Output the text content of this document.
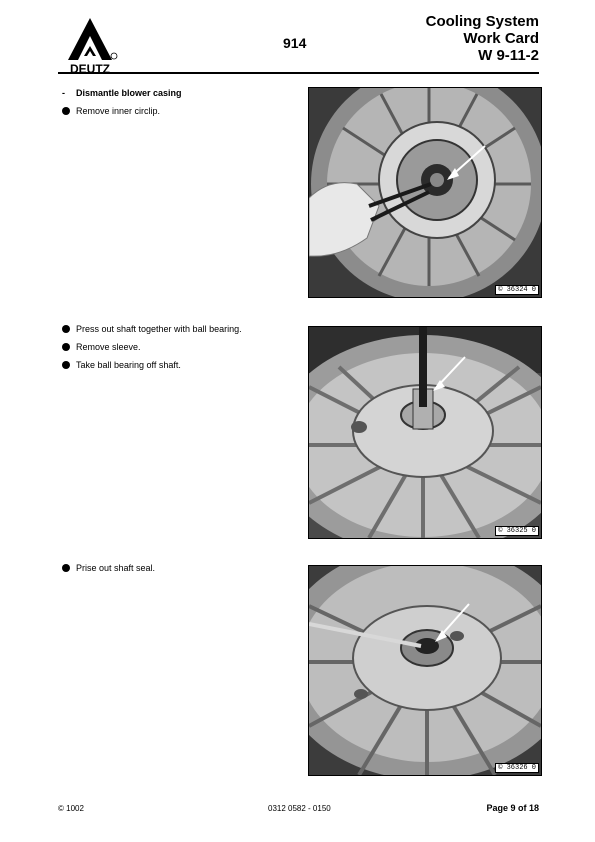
DEUTZ
914
Cooling System
Work Card
W 9-11-2
-	Dismantle blower casing
Remove inner circlip.
© 36324 0
Press out shaft together with ball bearing.
Remove sleeve.
Take ball bearing off shaft.
© 36325 0
Prise out shaft seal.
© 36326 0
© 1002	0312 0582 - 0150	Page 9 of 18
